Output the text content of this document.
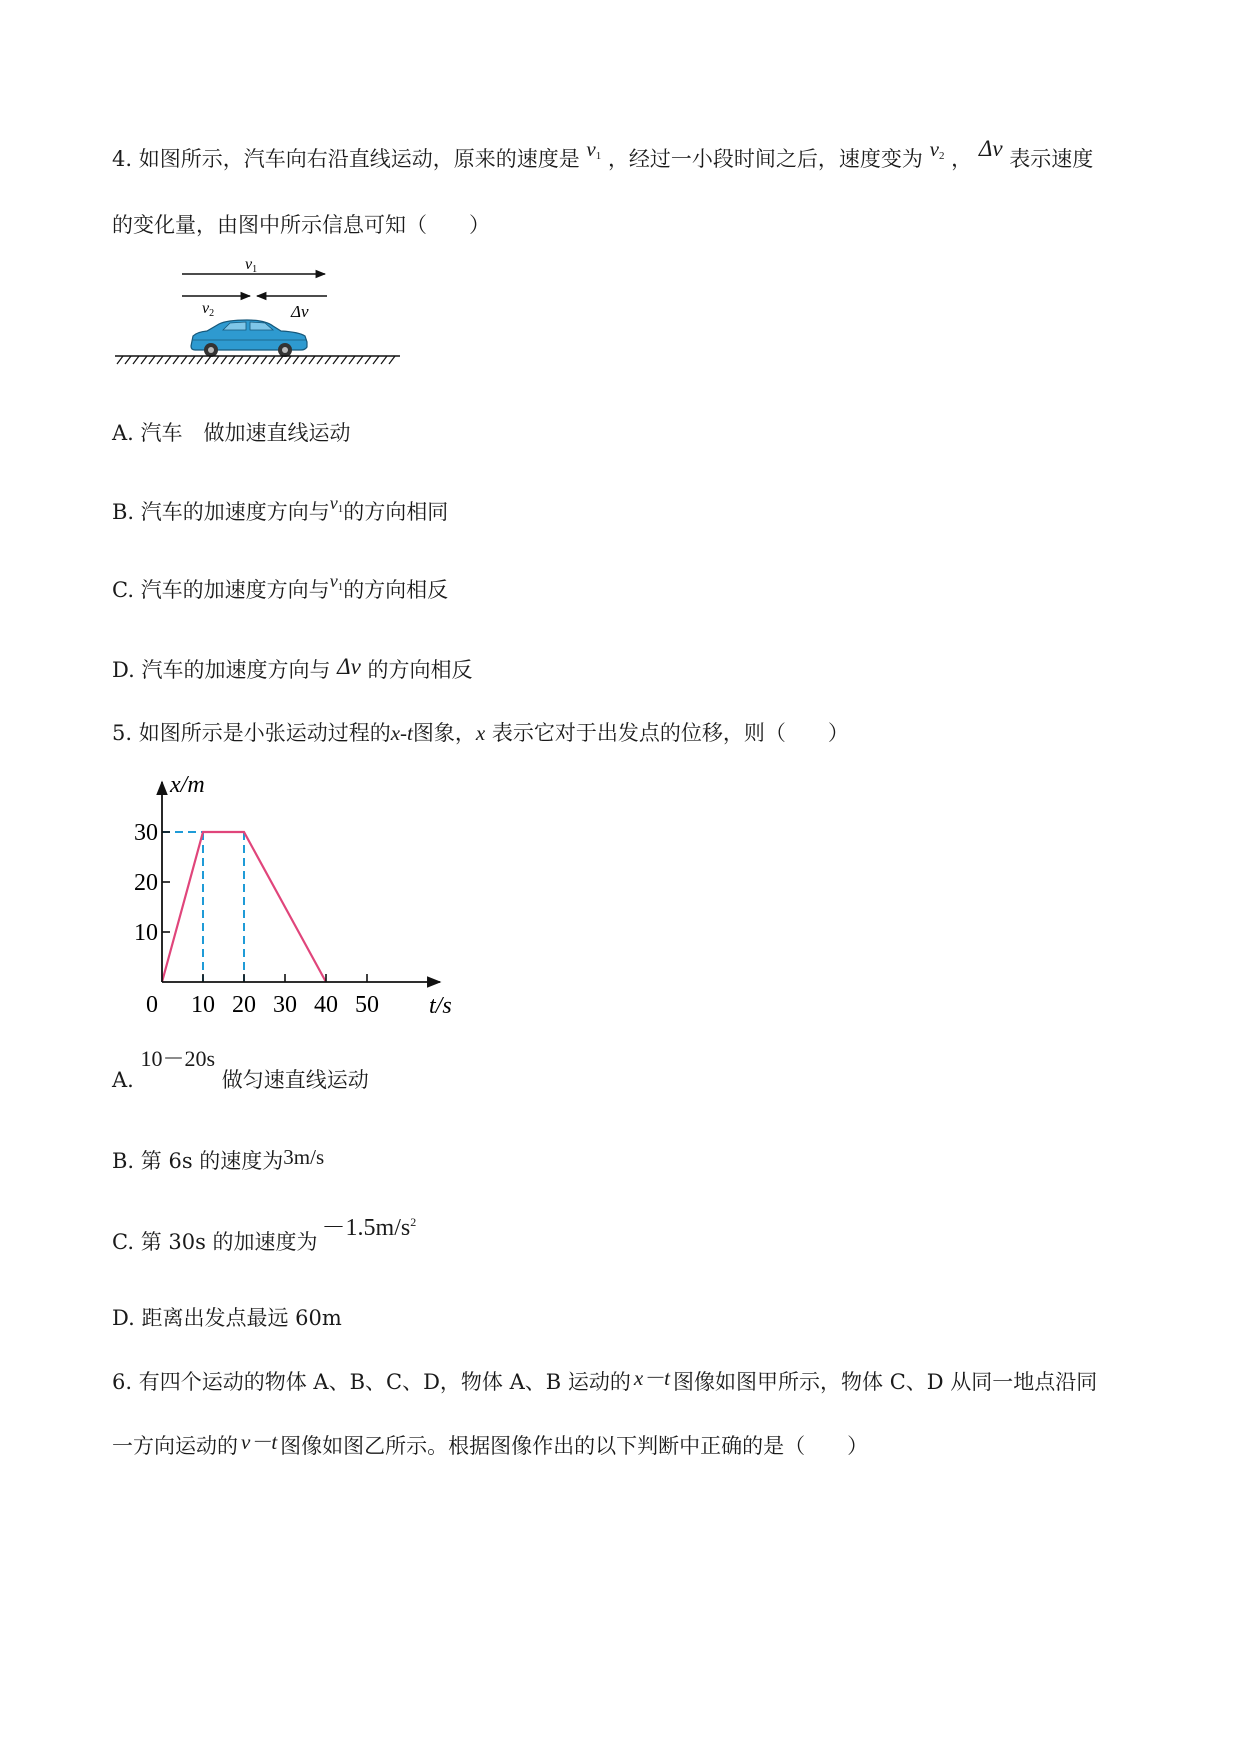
4. 如图所示，汽车向右沿直线运动，原来的速度是 v1 ，经过一小段时间之后，速度变为 v2 ， Δv 表示速度
的变化量，由图中所示信息可知（　　）
v1
v2	Δv
A. 汽车　做加速直线运动
B. 汽车的加速度方向与v1的方向相同
C. 汽车的加速度方向与v1的方向相反
D. 汽车的加速度方向与 Δv 的方向相反
5. 如图所示是小张运动过程的x-t图象，x 表示它对于出发点的位移，则（　　）
0 10 20 30 40 50
10
20
30
x/m
t/s
A. 10－20s 做匀速直线运动
B. 第 6s 的速度为3m/s
C. 第 30s 的加速度为$-1.5m/s^2$
D. 距离出发点最远 60m
6. 有四个运动的物体 A、B、C、D，物体 A、B 运动的 x－t 图像如图甲所示，物体 C、D 从同一地点沿同
一方向运动的 v－t 图像如图乙所示。根据图像作出的以下判断中正确的是（　　）
